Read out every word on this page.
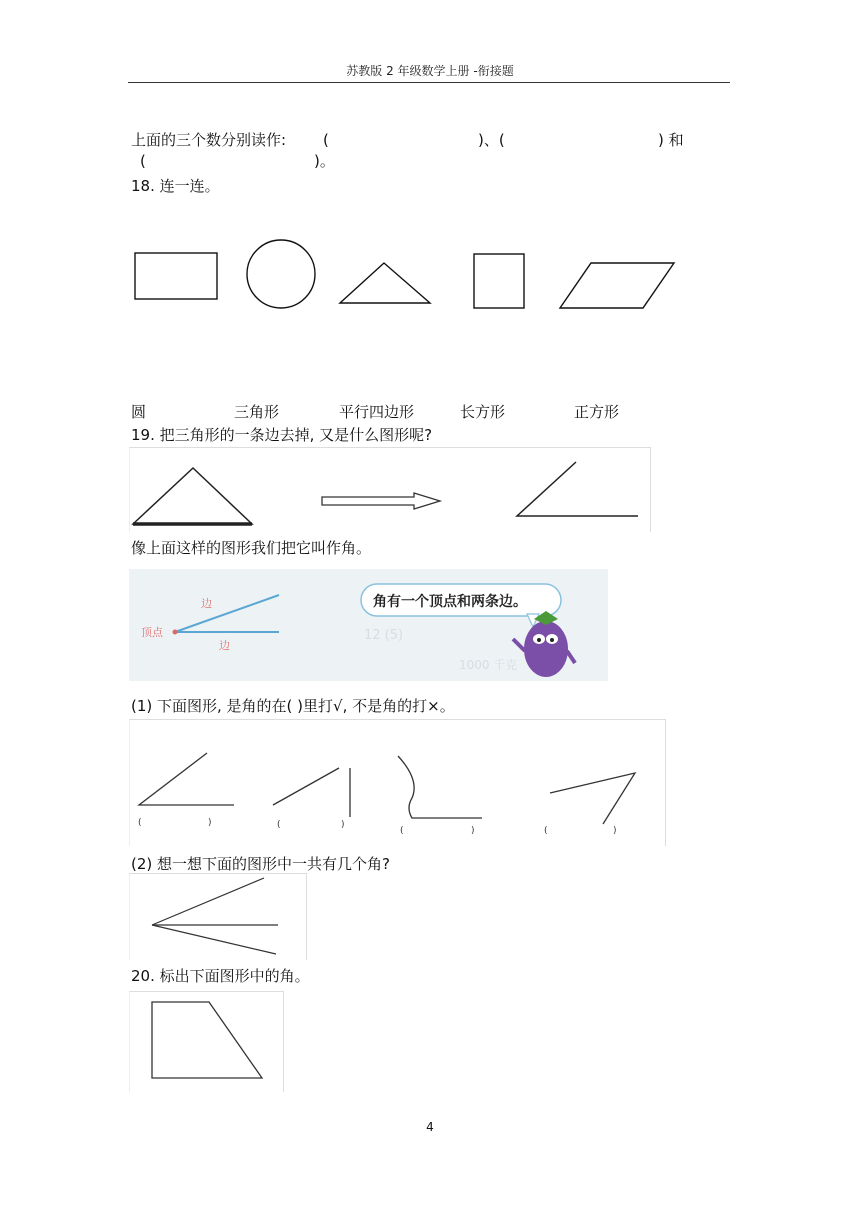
苏教版 2 年级数学上册 -衔接题
上面的三个数分别读作: (	)、(	) 和
(	)。
18. 连一连。
圆	三角形	平行四边形	长方形	正方形
19. 把三角形的一条边去掉, 又是什么图形呢?
像上面这样的图形我们把它叫作角。
12 (5)
1000 千克
边
边
顶点
角有一个顶点和两条边。
(1) 下面图形, 是角的在( )里打√, 不是角的打×。
(	)	(	)
(	)	(	)
(2) 想一想下面的图形中一共有几个角?
20. 标出下面图形中的角。
4
